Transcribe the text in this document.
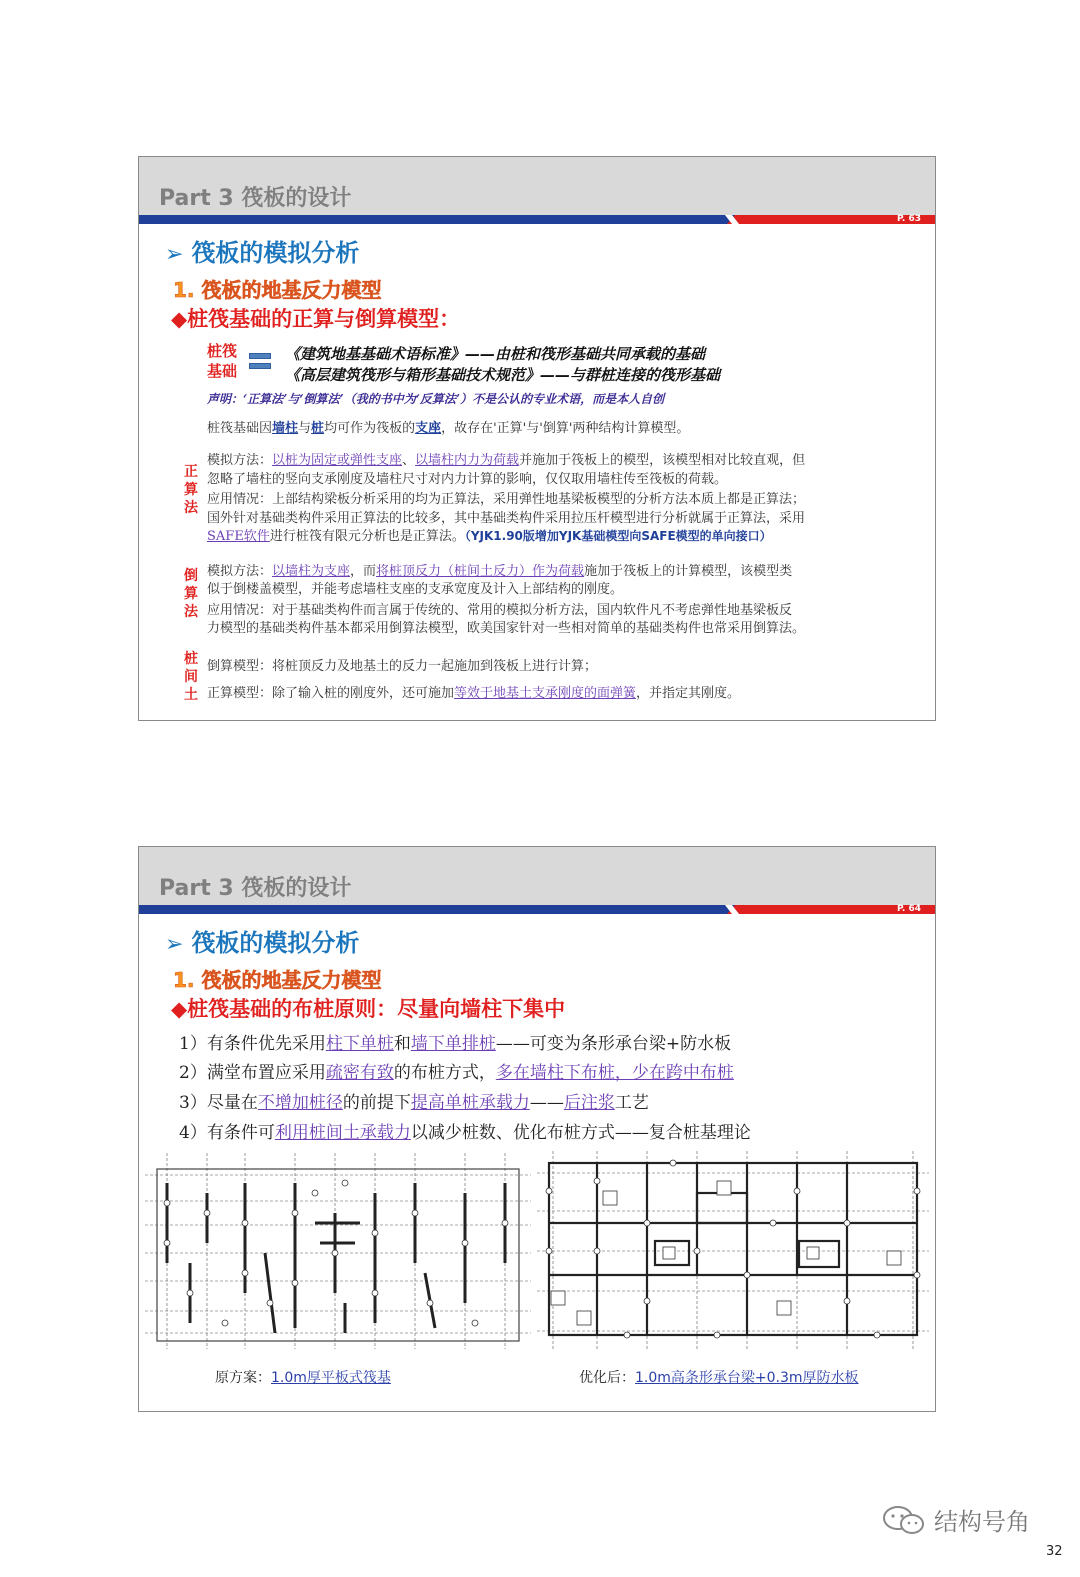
Part 3 筏板的设计
P. 63
➢ 筏板的模拟分析
1. 筏板的地基反力模型
◆桩筏基础的正算与倒算模型：
桩筏
基础
《建筑地基基础术语标准》——由桩和筏形基础共同承载的基础
《高层建筑筏形与箱形基础技术规范》——与群桩连接的筏形基础
声明：‘正算法’与‘倒算法’（我的书中为‘反算法’）不是公认的专业术语，而是本人自创
桩筏基础因墙柱与桩均可作为筏板的支座，故存在'正算'与'倒算'两种结构计算模型。
正算法
模拟方法：以桩为固定或弹性支座、以墙柱内力为荷载并施加于筏板上的模型，该模型相对比较直观，但
忽略了墙柱的竖向支承刚度及墙柱尺寸对内力计算的影响，仅仅取用墙柱传至筏板的荷载。
应用情况：上部结构梁板分析采用的均为正算法，采用弹性地基梁板模型的分析方法本质上都是正算法；
国外针对基础类构件采用正算法的比较多，其中基础类构件采用拉压杆模型进行分析就属于正算法，采用
SAFE软件进行桩筏有限元分析也是正算法。（YJK1.90版增加YJK基础模型向SAFE模型的单向接口）
倒算法
模拟方法：以墙柱为支座，而将桩顶反力（桩间土反力）作为荷载施加于筏板上的计算模型，该模型类
似于倒楼盖模型，并能考虑墙柱支座的支承宽度及计入上部结构的刚度。
应用情况：对于基础类构件而言属于传统的、常用的模拟分析方法，国内软件凡不考虑弹性地基梁板反
力模型的基础类构件基本都采用倒算法模型，欧美国家针对一些相对简单的基础类构件也常采用倒算法。
桩间土
倒算模型：将桩顶反力及地基土的反力一起施加到筏板上进行计算；
正算模型：除了输入桩的刚度外，还可施加等效于地基土支承刚度的面弹簧，并指定其刚度。
Part 3 筏板的设计
P. 64
➢ 筏板的模拟分析
1. 筏板的地基反力模型
◆桩筏基础的布桩原则：尽量向墙柱下集中
1）有条件优先采用柱下单桩和墙下单排桩——可变为条形承台梁+防水板
2）满堂布置应采用疏密有致的布桩方式，多在墙柱下布桩，少在跨中布桩
3）尽量在不增加桩径的前提下提高单桩承载力——后注浆工艺
4）有条件可利用桩间土承载力以减少桩数、优化布桩方式——复合桩基理论
原方案：1.0m厚平板式筏基	优化后：1.0m高条形承台梁+0.3m厚防水板
结构号角
32
